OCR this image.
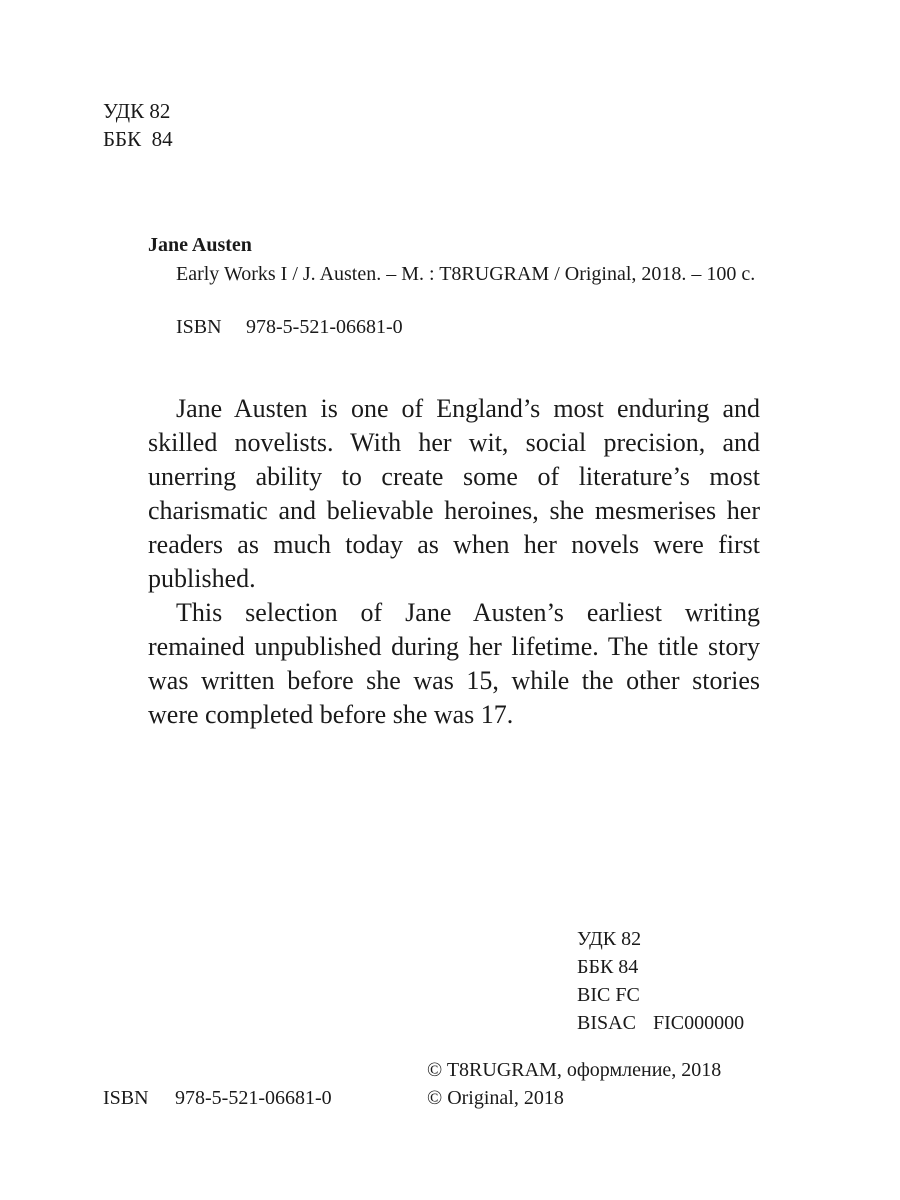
УДК 82
ББК  84
Jane Austen
Early Works I / J. Austen. – M. : T8RUGRAM / Original, 2018. – 100 с.
ISBN 978-5-521-06681-0

Jane Austen is one of England’s most enduring and skilled novelists. With her wit, social precision, and unerring ability to create some of literature’s most charismatic and believable heroines, she mesmerises her readers as much today as when her novels were first published.

This selection of Jane Austen’s earliest writing remained unpublished during her lifetime. The title story was written before she was 15, while the other stories were completed before she was 17.

УДК 82
ББК 84
BIC FC
BISAC FIC000000
© T8RUGRAM, оформление, 2018
© Original, 2018
ISBN 978-5-521-06681-0
